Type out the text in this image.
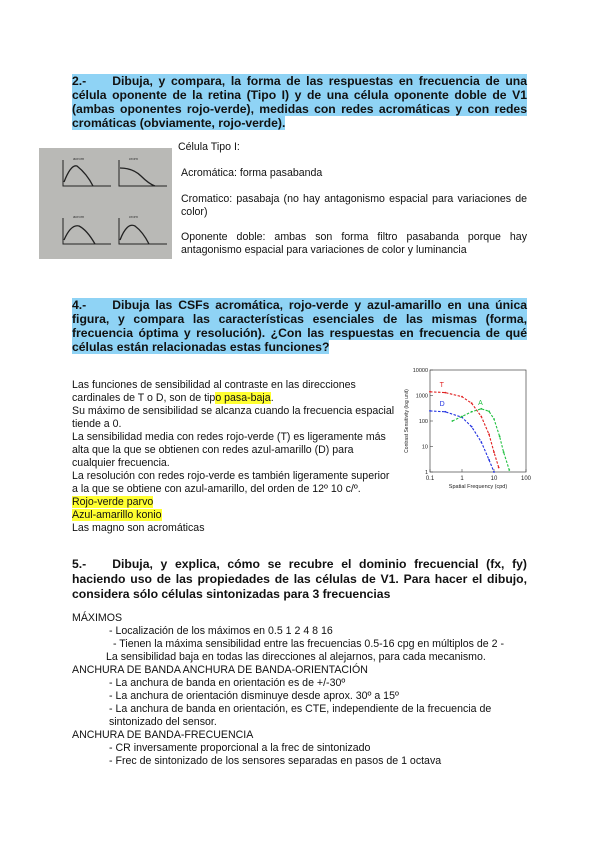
2.- Dibuja, y compara, la forma de las respuestas en frecuencia de una célula oponente de la retina (Tipo I) y de una célula oponente doble de V1 (ambas oponentes rojo-verde), medidas con redes acromáticas y con redes cromáticas (obviamente, rojo-verde).

acrom	crom
acrom	crom

Célula Tipo I:

Acromática: forma pasabanda

Cromatico: pasabaja (no hay antagonismo espacial para variaciones de color)

Oponente doble: ambas son forma filtro pasabanda porque hay antagonismo espacial para variaciones de color y luminancia

4.- Dibuja las CSFs acromática, rojo-verde y azul-amarillo en una única figura, y compara las características esenciales de las mismas (forma, frecuencia óptima y resolución). ¿Con las respuestas en frecuencia de qué células están relacionadas estas funciones?

Las funciones de sensibilidad al contraste en las direcciones cardinales de T o D, son de tipo pasa-baja.

Su máximo de sensibilidad se alcanza cuando la frecuencia espacial tiende a 0.

La sensibilidad media con redes rojo-verde (T) es ligeramente más alta que la que se obtienen con redes azul-amarillo (D) para cualquier frecuencia.

La resolución con redes rojo-verde es también ligeramente superior a la que se obtiene con azul-amarillo, del orden de 12º 10 c/º.

Rojo-verde parvo

Azul-amarillo konio

Las magno son acromáticas

0.1	1	10	100
1
10
100
1000
10000
Spatial Frequency (cpd)
Contrast Sensitivity (log unit)
T
D	A

5.- Dibuja, y explica, cómo se recubre el dominio frecuencial (fx, fy) haciendo uso de las propiedades de las células de V1. Para hacer el dibujo, considera sólo células sintonizadas para 3 frecuencias

MÁXIMOS

- Localización de los máximos en 0.5 1 2 4 8 16

- Tienen la máxima sensibilidad entre las frecuencias 0.5-16 cpg en múltiplos de 2 -

La sensibilidad baja en todas las direcciones al alejarnos, para cada mecanismo.

ANCHURA DE BANDA ANCHURA DE BANDA-ORIENTACIÓN

- La anchura de banda en orientación es de +/-30º

- La anchura de orientación disminuye desde aprox. 30º a 15º

- La anchura de banda en orientación, es CTE, independiente de la frecuencia de sintonizado del sensor.

ANCHURA DE BANDA-FRECUENCIA

- CR inversamente proporcional a la frec de sintonizado

- Frec de sintonizado de los sensores separadas en pasos de 1 octava
